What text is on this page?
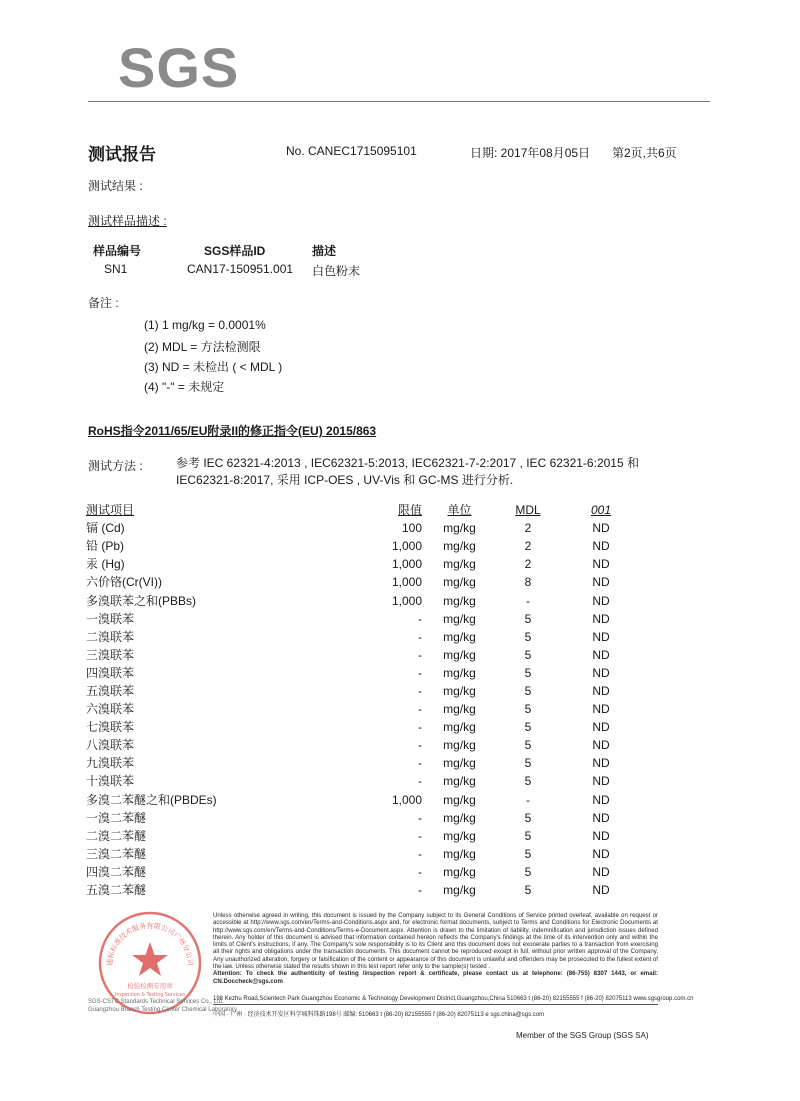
SGS
测试报告	No. CANEC1715095101	日期: 2017年08月05日 第2页,共6页
测试结果 :
测试样品描述 :
样品编号	SGS样品ID	描述
SN1	CAN17-150951.001 白色粉末
备注 :
(1) 1 mg/kg = 0.0001%
(2) MDL = 方法检测限
(3) ND = 未检出 ( < MDL )
(4) "-" = 未规定
RoHS指令2011/65/EU附录II的修正指令(EU) 2015/863
测试方法 :	参考 IEC 62321-4:2013 , IEC62321-5:2013, IEC62321-7-2:2017 , IEC 62321-6:2015 和
IEC62321-8:2017, 采用 ICP-OES , UV-Vis 和 GC-MS 进行分析.
测试项目	限值	单位	MDL	001
镉 (Cd)	100	mg/kg	2	ND
铅 (Pb)	1,000	mg/kg	2	ND
汞 (Hg)	1,000	mg/kg	2	ND
六价铬(Cr(VI))	1,000	mg/kg	8	ND
多溴联苯之和(PBBs)	1,000	mg/kg	-	ND
一溴联苯	-	mg/kg	5	ND
二溴联苯	-	mg/kg	5	ND
三溴联苯	-	mg/kg	5	ND
四溴联苯	-	mg/kg	5	ND
五溴联苯	-	mg/kg	5	ND
六溴联苯	-	mg/kg	5	ND
七溴联苯	-	mg/kg	5	ND
八溴联苯	-	mg/kg	5	ND
九溴联苯	-	mg/kg	5	ND
十溴联苯	-	mg/kg	5	ND
多溴二苯醚之和(PBDEs)	1,000	mg/kg	-	ND
一溴二苯醚	-	mg/kg	5	ND
二溴二苯醚	-	mg/kg	5	ND
三溴二苯醚	-	mg/kg	5	ND
四溴二苯醚	-	mg/kg	5	ND
五溴二苯醚	-	mg/kg	5	ND
通标标准技术服务有限公司广州分公司
检验检测专用章
Inspection & Testing Services
Unless otherwise agreed in writing, this document is issued by the Company subject to its General Conditions of Service printed overleaf, available on request or accessible at http://www.sgs.com/en/Terms-and-Conditions.aspx and, for electronic format documents, subject to Terms and Conditions for Electronic Documents at http://www.sgs.com/en/Terms-and-Conditions/Terms-e-Document.aspx. Attention is drawn to the limitation of liability, indemnification and jurisdiction issues defined therein. Any holder of this document is advised that information contained hereon reflects the Company's findings at the time of its intervention only and within the limits of Client's instructions, if any. The Company's sole responsibility is to its Client and this document does not exonerate parties to a transaction from exercising all their rights and obligations under the transaction documents. This document cannot be reproduced except in full, without prior written approval of the Company. Any unauthorized alteration, forgery or falsification of the content or appearance of this document is unlawful and offenders may be prosecuted to the fullest extent of the law. Unless otherwise stated the results shown in this test report refer only to the sample(s) tested .
Attention: To check the authenticity of testing /inspection report & certificate, please contact us at telephone: (86-755) 8307 1443, or email: CN.Doccheck@sgs.com
198 Kezhu Road,Scientech Park Guangzhou Economic & Technology Development District,Guangzhou,China 510663 t (86-20) 82155555 f (86-20) 82075113 www.sgsgroup.com.cn
中国 · 广州 · 经济技术开发区科学城科珠路198号 邮编: 510663 t (86-20) 82155555 f (86-20) 82075113 e sgs.china@sgs.com
SGS-CSTC Standards Technical Services Co., Ltd.
Guangzhou Branch Testing Center Chemical Laboratory
Member of the SGS Group (SGS SA)
